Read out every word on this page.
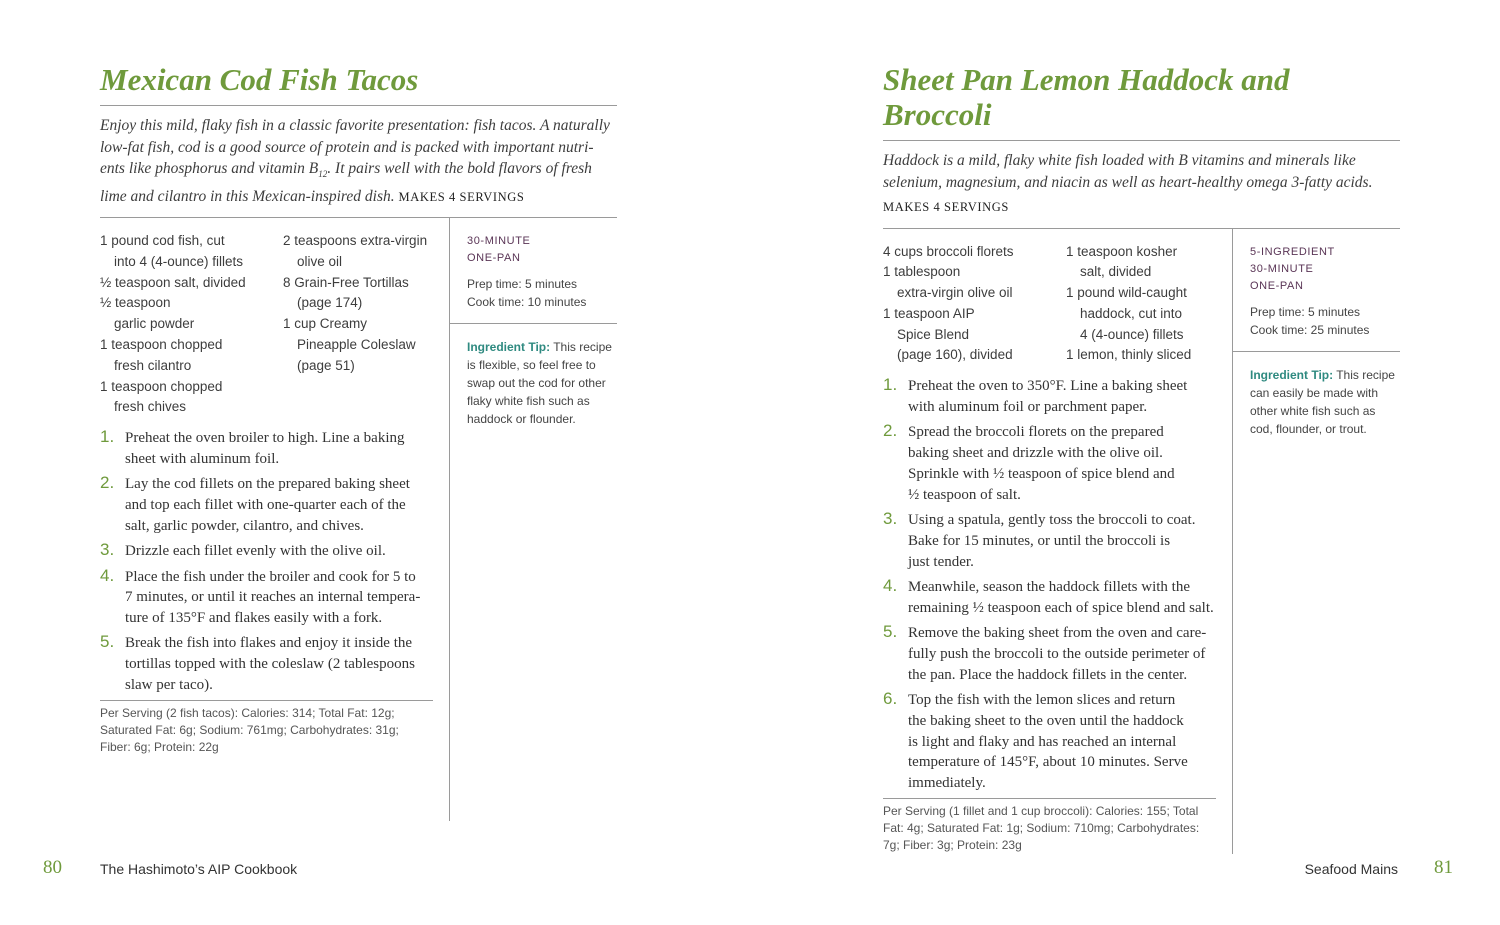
Mexican Cod Fish Tacos
Enjoy this mild, flaky fish in a classic favorite presentation: fish tacos. A naturally low-fat fish, cod is a good source of protein and is packed with important nutri-ents like phosphorus and vitamin $B_{12}$. It pairs well with the bold flavors of fresh lime and cilantro in this Mexican-inspired dish. MAKES 4 SERVINGS
1 pound cod fish, cut
into 4 (4-ounce) fillets
½ teaspoon salt, divided
½ teaspoon
garlic powder
1 teaspoon chopped
fresh cilantro
1 teaspoon chopped
fresh chives
2 teaspoons extra-virgin
olive oil
8 Grain-Free Tortillas
(page 174)
1 cup Creamy
Pineapple Coleslaw
(page 51)
1. Preheat the oven broiler to high. Line a baking
sheet with aluminum foil.
2. Lay the cod fillets on the prepared baking sheet
and top each fillet with one-quarter each of the
salt, garlic powder, cilantro, and chives.
3. Drizzle each fillet evenly with the olive oil.
4. Place the fish under the broiler and cook for 5 to
7 minutes, or until it reaches an internal tempera-
ture of 135°F and flakes easily with a fork.
5. Break the fish into flakes and enjoy it inside the
tortillas topped with the coleslaw (2 tablespoons
slaw per taco).
Per Serving (2 fish tacos): Calories: 314; Total Fat: 12g;
Saturated Fat: 6g; Sodium: 761mg; Carbohydrates: 31g;
Fiber: 6g; Protein: 22g
30-MINUTE
ONE-PAN
Prep time: 5 minutes
Cook time: 10 minutes
Ingredient Tip: This recipe is flexible, so feel free to swap out the cod for other flaky white fish such as haddock or flounder.
80	The Hashimoto’s AIP Cookbook
Sheet Pan Lemon Haddock and Broccoli
Haddock is a mild, flaky white fish loaded with B vitamins and minerals like selenium, magnesium, and niacin as well as heart-healthy omega 3-fatty acids.
MAKES 4 SERVINGS
4 cups broccoli florets
1 tablespoon
extra-virgin olive oil
1 teaspoon AIP
Spice Blend
(page 160), divided
1 teaspoon kosher
salt, divided
1 pound wild-caught
haddock, cut into
4 (4-ounce) fillets
1 lemon, thinly sliced
1. Preheat the oven to 350°F. Line a baking sheet
with aluminum foil or parchment paper.
2. Spread the broccoli florets on the prepared
baking sheet and drizzle with the olive oil.
Sprinkle with ½ teaspoon of spice blend and
½ teaspoon of salt.
3. Using a spatula, gently toss the broccoli to coat.
Bake for 15 minutes, or until the broccoli is
just tender.
4. Meanwhile, season the haddock fillets with the
remaining ½ teaspoon each of spice blend and salt.
5. Remove the baking sheet from the oven and care-
fully push the broccoli to the outside perimeter of
the pan. Place the haddock fillets in the center.
6. Top the fish with the lemon slices and return
the baking sheet to the oven until the haddock
is light and flaky and has reached an internal
temperature of 145°F, about 10 minutes. Serve
immediately.
Per Serving (1 fillet and 1 cup broccoli): Calories: 155; Total
Fat: 4g; Saturated Fat: 1g; Sodium: 710mg; Carbohydrates:
7g; Fiber: 3g; Protein: 23g
5-INGREDIENT
30-MINUTE
ONE-PAN
Prep time: 5 minutes
Cook time: 25 minutes
Ingredient Tip: This recipe can easily be made with other white fish such as cod, flounder, or trout.
Seafood Mains 81
